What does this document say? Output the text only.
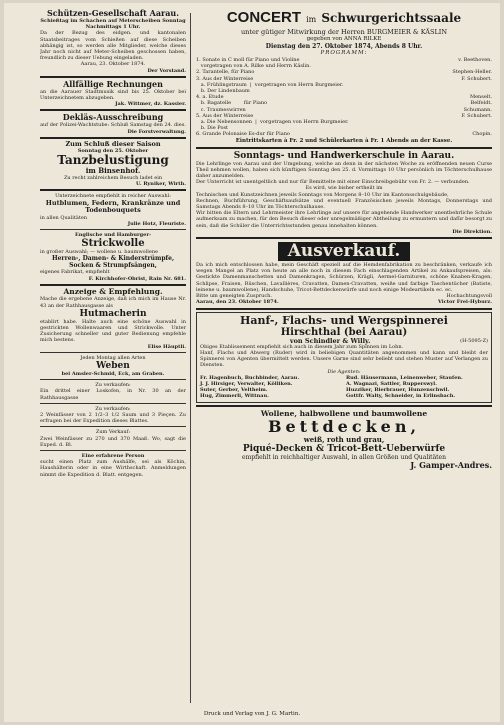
Schützen-Gesellschaft Aarau.
Schießtag im Schachen auf Meterscheiben Sonntag Nachmittags 1 Uhr.
Da der Bezug des eidgen. und kantonalen Staatsbeitrages vom Schießen auf diese Scheiben abhängig ist, so werden alle Mitglieder, welche dieses Jahr noch nicht auf Meter-Scheiben geschossen haben, freundlich zu dieser Uebung eingeladen.
Aarau, 23. Oktober 1874.
Der Vorstand.
Allfällige Rechnungen
an die Aarauer Stadtmusik sind bis 25. Oktober bei Unterzeichnetem abzugeben.
Jak. Wittmer, dz. Kassier.
Dekläs-Ausschreibung
auf der Polizei-Wachtstube: Schluß Samstag den 24. dies.
Die Forstverwaltung.
Zum Schluß dieser Saison
Sonntag den 25. Oktober
Tanzbelustigung
im Binsenhof.
Zu recht zahlreichem Besuch ladet ein
U. Ryniker, Wirth.
Unterzeichnete empfiehlt in reicher Auswahl:
Hutblumen, Federn, Krankränze und Todenbouquets
in allen Qualitäten
Julie Hotz, Fleuriste.
Englische und Hamburger-
Strickwolle
in großer Auswahl; — wollene u. baumwollene
Herren-, Damen- & Kinderstrümpfe, Socken & Strumpfsängen,
eigenes Fabrikat, empfiehlt
F. Kirchhofer-Obrist, Rain Nr. 681.
Anzeige & Empfehlung.
Mache die ergebene Anzeige, daß ich mich im Hause Nr. 43 an der Rathhausgasse als
Hutmacherin
etablirt habe. Halte auch eine schöne Auswahl in gestrickten Wollenwaaren und Strickwolle. Unter Zusicherung schneller und guter Bedienung empfehle mich bestens.
Elise Häuptli.
Jeden Montag allen Arten
Weben
bei Amsler-Schmid, Eck, am Graben.
Zu verkaufen:
Ein drittel einer Loskofen, in Nr. 30 an der Rathhausgasse
Zu verkaufen:
2 Weinfässer von 2 1/2–3 1/2 Saum und 3 Pieçen. Zu erfragen bei der Expedition dieses Blattes.
Zum Verkauf:
Zwei Weinfässer zu 270 und 370 Maaß. Wo, sagt die Exped. d. Bl.
Eine erfahrene Person
sucht einen Platz zum Aushälfe, sei als Köchin, Haushälterin oder in eine Wirthschaft. Anmeldungen nimmt die Expedition d. Blatt. entgegen.
CONCERT im Schwurgerichtssaale
unter gütiger Mitwirkung der Herren BURGMEIER & KÄSLIN
gegeben von ANNA RILKE
Dienstag den 27. Oktober 1874, Abends 8 Uhr.
PROGRAMM:
1. Sonate in C moll für Piano und Violine	v. Beethoven.
vorgetragen von A. Rilke und Herrn Käslin.
2. Tarantelle, für Piano	Stephen-Heller.
3. Aus der Winterreise	F. Schubert.
a. Frühlingstraum  |  vorgetragen von Herrn Burgmeier.
b. Der Lindenbaum
4. a. Etude	Menselt.
b. Bagatelle        für Piano	Belfeldt.
c. Traumeswirren	Schumann.
5. Aus der Winterreise	F. Schubert.
a. Die Nebensonnen  |  vorgetragen von Herrn Burgmeier.
b. Die Post
6. Grande Polonaise Es-dur für Piano	Chopin.
Eintrittskarten à Fr. 2 und Schülerkarten à Fr. 1 Abends an der Kasse.
Sonntags- und Handwerkerschule in Aarau.
Die Lehrlinge von Aarau und der Umgebung, welche an denn in der nächsten Woche zu eröffnenden neuen Curse Theil nehmen wollen, haben sich künftigen Sonntag den 25. d. Vormittags 10 Uhr persönlich im Töchterschulhause daher anzumelden.
Der Unterricht ist unentgeltlich und nur für Bemittelte mit einer Einschreibgebühr von Fr. 2. — verbunden.
Es wird, wie bisher ertheilt im
Technischen und Kunstzeichnen jeweils Sonntags von Morgens 8–10 Uhr im Kantonsschulgebäude,
Rechnen, Buchführung, Geschäftsaufsätze und eventuell Französischen jeweils Montags, Donnerstags und Samstags Abends 8–10 Uhr im Töchterschulhause.
Wir bitten die Eltern und Lehrmeister ihre Lehrlinge auf unsere für angehende Handwerker unentbehrliche Schule aufmerksam zu machen, für den Besuch dieser oder unregelmäßiger Abtheilung zu ermuntern und dafür besorgt zu sein, daß die Schüler die Unterrichtsstunden genau innehalten können.
Die Direktion.
Ausverkauf.
Da ich mich entschlossen habe, mein Geschäft speziell auf die Hemdenfabrikation zu beschränken, verkaufe ich wegen Mangel an Platz von heute an alle noch in diesem Fach einschlagenden Artikel zu Ankaufspreisen, als: Gestickte Damenmanschetten und Damenkragen, Schürzen, Krägli, Aermel-Garnituren, schöne Knaben-Kragen, Schlipse, Fraisen, Rüschen, Lavallières, Cravatten, Damen-Cravatten, weiße und farbige Taschentücher (Batiste, leinene u. baumwollene), Handschuhe, Tricot-Bettdeckenwürfe und noch einige Modeartikeln ec. ec.
Bitte um geneigten Zuspruch.	Hochachtungsvoll
Aarau, den 23. Oktober 1874.	Victor Frei-Hyburz.
Hanf-, Flachs- und Wergspinnerei
Hirschthal (bei Aarau)
von Schindler & Willy.	(H-5095-Z)
Obiges Etablissement empfiehlt sich auch in diesem Jahr zum Spinnen im Lohn.
Hanf, Flachs und Abwerg (Ruder) wird in beliebigen Quantitäten angenommen und kann und bleibt der Spinnerei von Agenten übermittelt werden. Unsere Garne sind sehr beliebt und stehen Muster auf Verlangen zu Diensten.
Die Agenten:
Fr. Hagenbuch, Buchbinder, Aarau.	Rud. Häusermann, Leinenweber, Staufen.
J. J. Hirsiger, Verwalter, Kölliken.	A. Wagnazi, Sattler, Rupperswyl.
Suter, Gerber, Veltheim.	Huzziker, Bierbrauer, Hunzenschwil.
Hug, Zimmerli, Wittnau.	Gottfr. Walty, Schneider, in Erlinsbach.
Wollene, halbwollene und baumwollene
Bettdecken,
weiß, roth und grau,
Piqué-Decken & Tricot-Bett-Ueberwürfe
empfiehlt in reichhaltiger Auswahl, in allen Größen und Qualitäten
J. Gamper-Andres.
Druck und Verlag von J. G. Martin.
